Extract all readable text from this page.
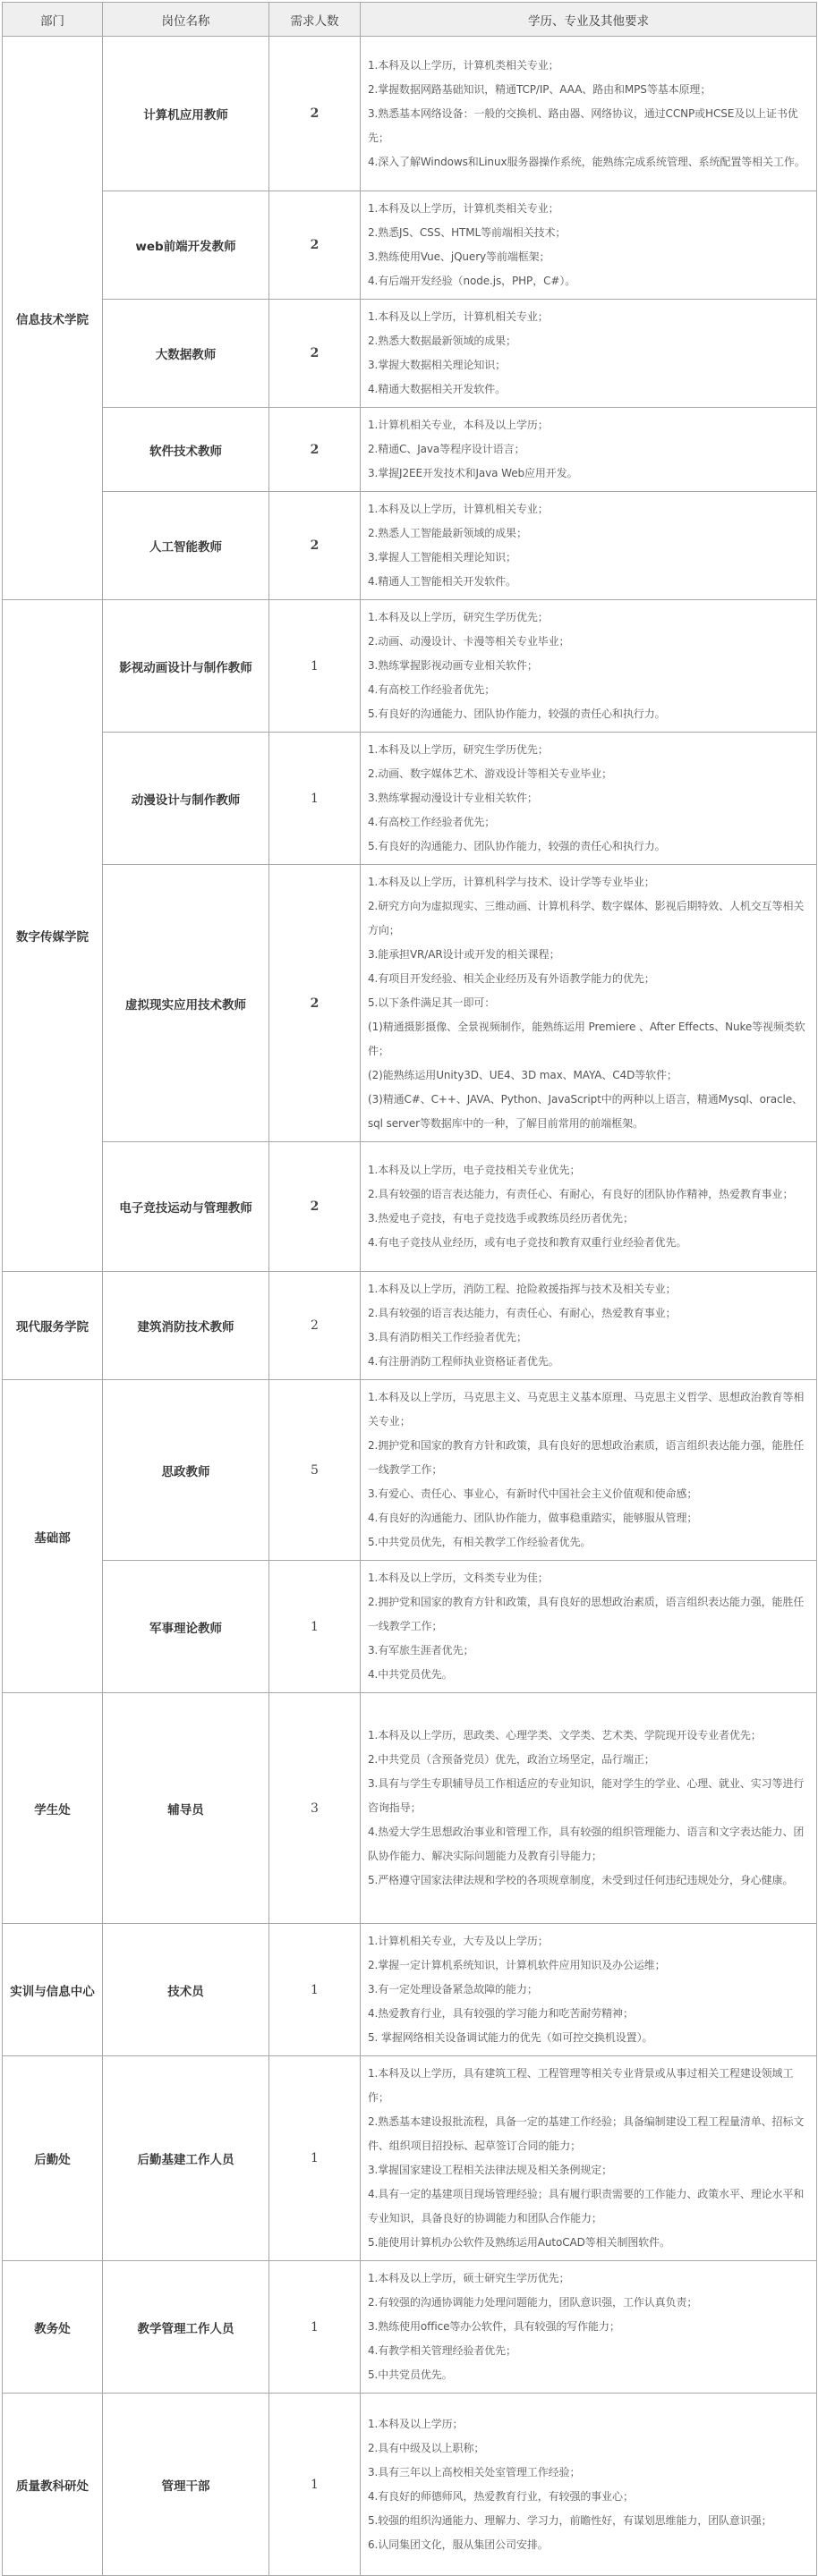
部门	岗位名称	需求人数	学历、专业及其他要求
信息技术学院	计算机应用教师	2	
1.本科及以上学历，计算机类相关专业；
2.掌握数据网路基础知识，精通TCP/IP、AAA、路由和MPS等基本原理；
3.熟悉基本网络设备：一般的交换机、路由器、网络协议，通过CCNP或HCSE及以上证书优先；
4.深入了解Windows和Linux服务器操作系统，能熟练完成系统管理、系统配置等相关工作。

web前端开发教师	2	
1.本科及以上学历，计算机类相关专业；
2.熟悉JS、CSS、HTML等前端相关技术；
3.熟练使用Vue、jQuery等前端框架；
4.有后端开发经验（node.js，PHP，C#）。

大数据教师	2	
1.本科及以上学历，计算机相关专业；
2.熟悉大数据最新领域的成果；
3.掌握大数据相关理论知识；
4.精通大数据相关开发软件。

软件技术教师	2	
1.计算机相关专业，本科及以上学历；
2.精通C、Java等程序设计语言；
3.掌握J2EE开发技术和Java Web应用开发。

人工智能教师	2	
1.本科及以上学历，计算机相关专业；
2.熟悉人工智能最新领域的成果；
3.掌握人工智能相关理论知识；
4.精通人工智能相关开发软件。

数字传媒学院	影视动画设计与制作教师	1	
1.本科及以上学历，研究生学历优先；
2.动画、动漫设计、卡漫等相关专业毕业；
3.熟练掌握影视动画专业相关软件；
4.有高校工作经验者优先；
5.有良好的沟通能力、团队协作能力，较强的责任心和执行力。

动漫设计与制作教师	1	
1.本科及以上学历，研究生学历优先；
2.动画、数字媒体艺术、游戏设计等相关专业毕业；
3.熟练掌握动漫设计专业相关软件；
4.有高校工作经验者优先；
5.有良好的沟通能力、团队协作能力，较强的责任心和执行力。

虚拟现实应用技术教师	2	
1.本科及以上学历，计算机科学与技术、设计学等专业毕业；
2.研究方向为虚拟现实、三维动画、计算机科学、数字媒体、影视后期特效、人机交互等相关方向；
3.能承担VR/AR设计或开发的相关课程；
4.有项目开发经验、相关企业经历及有外语教学能力的优先；
5.以下条件满足其一即可：
(1)精通摄影摄像、全景视频制作，能熟练运用 Premiere 、After Effects、Nuke等视频类软件；
(2)能熟练运用Unity3D、UE4、3D max、MAYA、C4D等软件；
(3)精通C#、C++、JAVA、Python、JavaScript中的两种以上语言，精通Mysql、oracle、sql server等数据库中的一种，了解目前常用的前端框架。

电子竞技运动与管理教师	2	
1.本科及以上学历，电子竞技相关专业优先；
2.具有较强的语言表达能力，有责任心、有耐心，有良好的团队协作精神，热爱教育事业；
3.热爱电子竞技，有电子竞技选手或教练员经历者优先；
4.有电子竞技从业经历，或有电子竞技和教育双重行业经验者优先。

现代服务学院	建筑消防技术教师	2	
1.本科及以上学历，消防工程、抢险救援指挥与技术及相关专业；
2.具有较强的语言表达能力，有责任心、有耐心，热爱教育事业；
3.具有消防相关工作经验者优先；
4.有注册消防工程师执业资格证者优先。

基础部	思政教师	5	
1.本科及以上学历，马克思主义、马克思主义基本原理、马克思主义哲学、思想政治教育等相关专业；
2.拥护党和国家的教育方针和政策，具有良好的思想政治素质，语言组织表达能力强，能胜任一线教学工作；
3.有爱心、责任心、事业心，有新时代中国社会主义价值观和使命感；
4.有良好的沟通能力、团队协作能力，做事稳重踏实，能够服从管理；
5.中共党员优先，有相关教学工作经验者优先。

军事理论教师	1	
1.本科及以上学历，文科类专业为佳；
2.拥护党和国家的教育方针和政策，具有良好的思想政治素质，语言组织表达能力强，能胜任一线教学工作；
3.有军旅生涯者优先；
4.中共党员优先。

学生处	辅导员	3	
1.本科及以上学历，思政类、心理学类、文学类、艺术类、学院现开设专业者优先；
2.中共党员（含预备党员）优先，政治立场坚定，品行端正；
3.具有与学生专职辅导员工作相适应的专业知识，能对学生的学业、心理、就业、实习等进行咨询指导；
4.热爱大学生思想政治事业和管理工作，具有较强的组织管理能力、语言和文字表达能力、团队协作能力、解决实际问题能力及教育引导能力；
5.严格遵守国家法律法规和学校的各项规章制度，未受到过任何违纪违规处分，身心健康。

实训与信息中心	技术员	1	
1.计算机相关专业，大专及以上学历；
2.掌握一定计算机系统知识，计算机软件应用知识及办公运维；
3.有一定处理设备紧急故障的能力；
4.热爱教育行业，具有较强的学习能力和吃苦耐劳精神；
5. 掌握网络相关设备调试能力的优先（如可控交换机设置）。

后勤处	后勤基建工作人员	1	
1.本科及以上学历，具有建筑工程、工程管理等相关专业背景或从事过相关工程建设领域工作；
2.熟悉基本建设报批流程，具备一定的基建工作经验；具备编制建设工程工程量清单、招标文件、组织项目招投标、起草签订合同的能力；
3.掌握国家建设工程相关法律法规及相关条例规定；
4.具有一定的基建项目现场管理经验；具有履行职责需要的工作能力、政策水平、理论水平和专业知识，具备良好的协调能力和团队合作能力；
5.能使用计算机办公软件及熟练运用AutoCAD等相关制图软件。

教务处	教学管理工作人员	1	
1.本科及以上学历，硕士研究生学历优先；
2.有较强的沟通协调能力处理问题能力，团队意识强，工作认真负责；
3.熟练使用office等办公软件，具有较强的写作能力；
4.有教学相关管理经验者优先；
5.中共党员优先。

质量教科研处	管理干部	1	
1.本科及以上学历；
2.具有中级及以上职称；
3.具有三年以上高校相关处室管理工作经验；
4.有良好的师德师风，热爱教育行业，有较强的事业心；
5.较强的组织沟通能力、理解力、学习力，前瞻性好，有谋划思维能力，团队意识强；
6.认同集团文化，服从集团公司安排。
